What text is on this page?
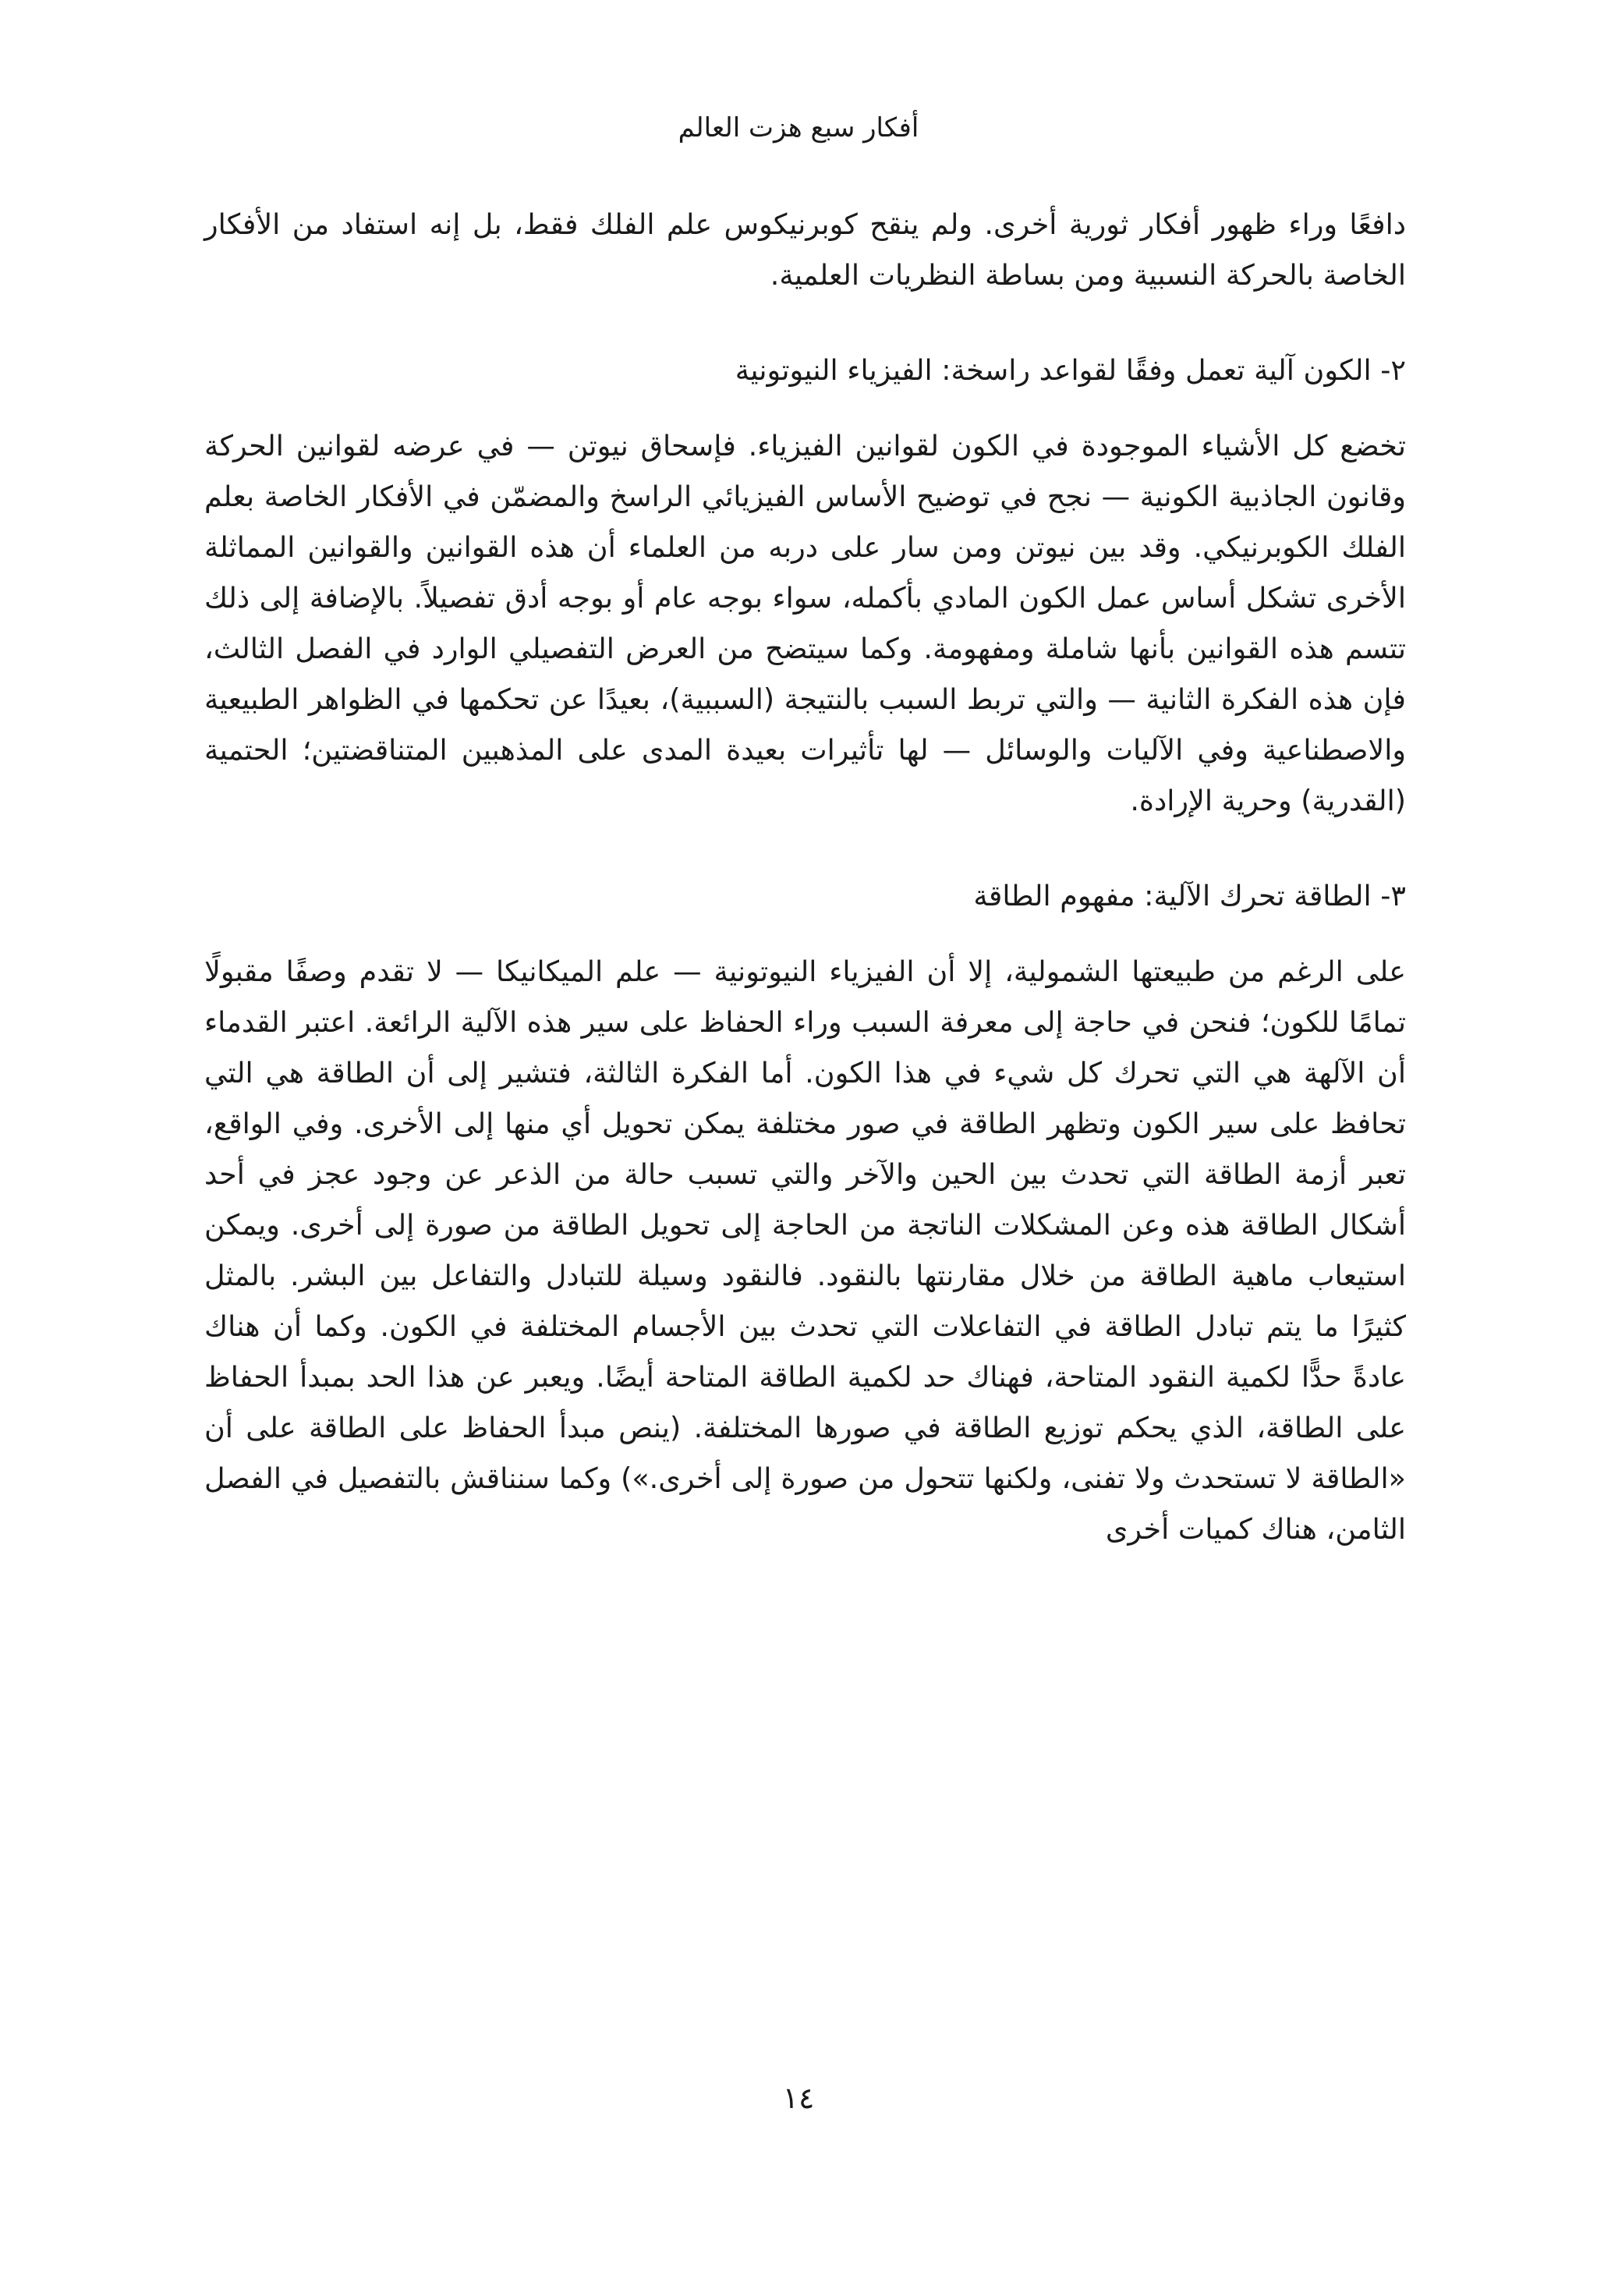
أفكار سبع هزت العالم

دافعًا وراء ظهور أفكار ثورية أخرى. ولم ينقح كوبرنيكوس علم الفلك فقط، بل إنه استفاد من الأفكار الخاصة بالحركة النسبية ومن بساطة النظريات العلمية.

٢- الكون آلية تعمل وفقًا لقواعد راسخة: الفيزياء النيوتونية

تخضع كل الأشياء الموجودة في الكون لقوانين الفيزياء. فإسحاق نيوتن — في عرضه لقوانين الحركة وقانون الجاذبية الكونية — نجح في توضيح الأساس الفيزيائي الراسخ والمضمّن في الأفكار الخاصة بعلم الفلك الكوبرنيكي. وقد بين نيوتن ومن سار على دربه من العلماء أن هذه القوانين والقوانين المماثلة الأخرى تشكل أساس عمل الكون المادي بأكمله، سواء بوجه عام أو بوجه أدق تفصيلاً. بالإضافة إلى ذلك تتسم هذه القوانين بأنها شاملة ومفهومة. وكما سيتضح من العرض التفصيلي الوارد في الفصل الثالث، فإن هذه الفكرة الثانية — والتي تربط السبب بالنتيجة (السببية)، بعيدًا عن تحكمها في الظواهر الطبيعية والاصطناعية وفي الآليات والوسائل — لها تأثيرات بعيدة المدى على المذهبين المتناقضتين؛ الحتمية (القدرية) وحرية الإرادة.

٣- الطاقة تحرك الآلية: مفهوم الطاقة

على الرغم من طبيعتها الشمولية، إلا أن الفيزياء النيوتونية — علم الميكانيكا — لا تقدم وصفًا مقبولًا تمامًا للكون؛ فنحن في حاجة إلى معرفة السبب وراء الحفاظ على سير هذه الآلية الرائعة. اعتبر القدماء أن الآلهة هي التي تحرك كل شيء في هذا الكون. أما الفكرة الثالثة، فتشير إلى أن الطاقة هي التي تحافظ على سير الكون وتظهر الطاقة في صور مختلفة يمكن تحويل أي منها إلى الأخرى. وفي الواقع، تعبر أزمة الطاقة التي تحدث بين الحين والآخر والتي تسبب حالة من الذعر عن وجود عجز في أحد أشكال الطاقة هذه وعن المشكلات الناتجة من الحاجة إلى تحويل الطاقة من صورة إلى أخرى. ويمكن استيعاب ماهية الطاقة من خلال مقارنتها بالنقود. فالنقود وسيلة للتبادل والتفاعل بين البشر. بالمثل كثيرًا ما يتم تبادل الطاقة في التفاعلات التي تحدث بين الأجسام المختلفة في الكون. وكما أن هناك عادةً حدًّا لكمية النقود المتاحة، فهناك حد لكمية الطاقة المتاحة أيضًا. ويعبر عن هذا الحد بمبدأ الحفاظ على الطاقة، الذي يحكم توزيع الطاقة في صورها المختلفة. (ينص مبدأ الحفاظ على الطاقة على أن «الطاقة لا تستحدث ولا تفنى، ولكنها تتحول من صورة إلى أخرى.») وكما سنناقش بالتفصيل في الفصل الثامن، هناك كميات أخرى

١٤
